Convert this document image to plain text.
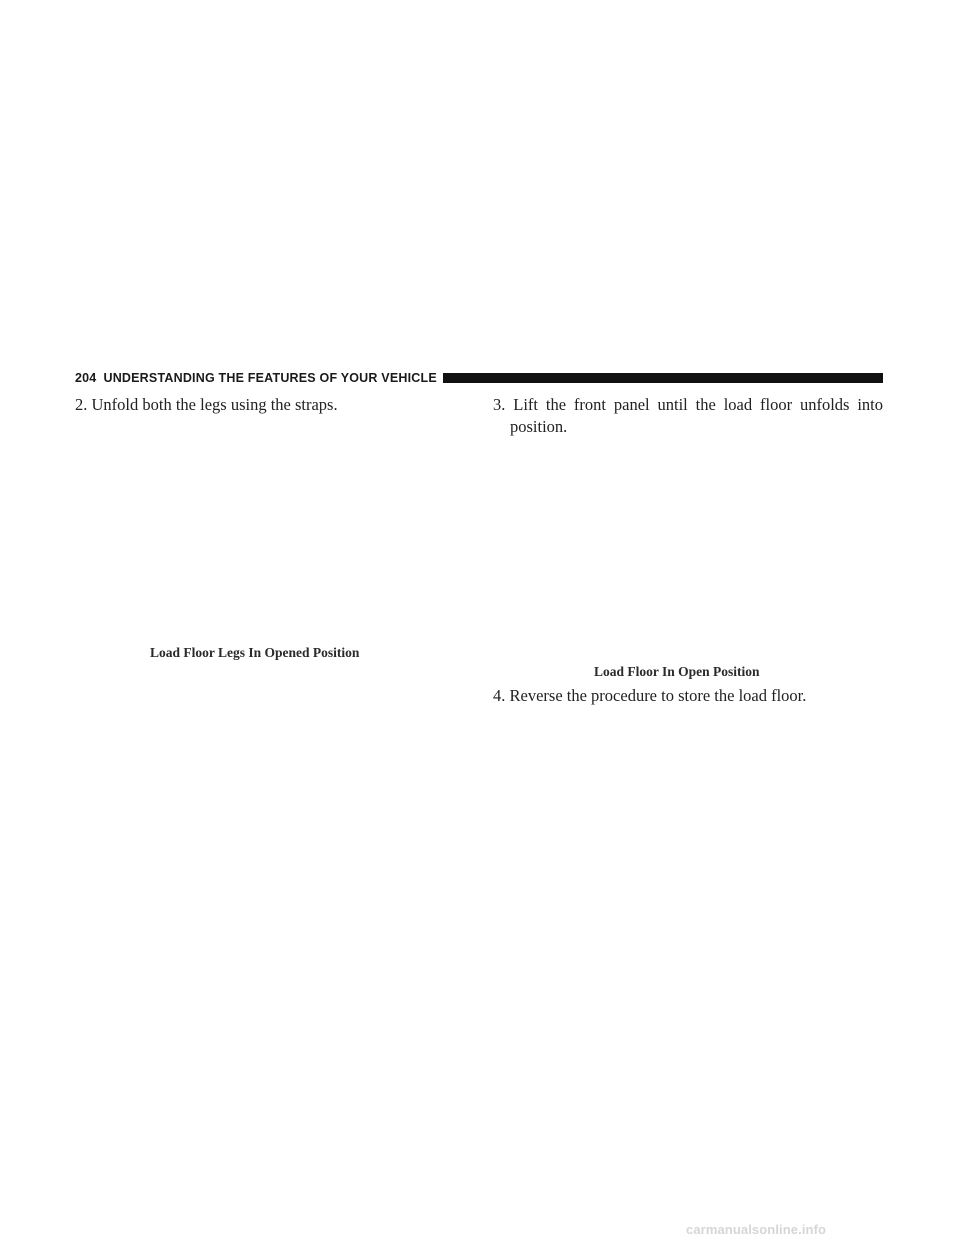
204 UNDERSTANDING THE FEATURES OF YOUR VEHICLE
2. Unfold both the legs using the straps.
Load Floor Legs In Opened Position
3. Lift the front panel until the load floor unfolds into position.
Load Floor In Open Position
4. Reverse the procedure to store the load floor.
carmanualsonline.info
